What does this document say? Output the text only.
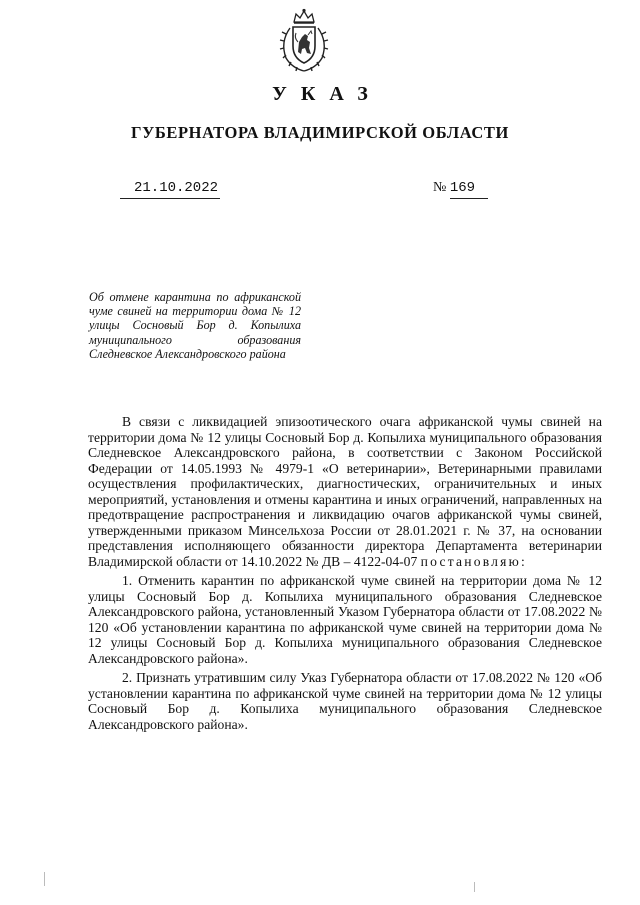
УКАЗ
ГУБЕРНАТОРА ВЛАДИМИРСКОЙ ОБЛАСТИ
21.10.2022	№ 169
Об отмене карантина по африканской чуме свиней на территории дома № 12 улицы Сосновый Бор д. Копылиха муниципального образования Следневское Александровского района

В связи с ликвидацией эпизоотического очага африканской чумы свиней на территории дома № 12 улицы Сосновый Бор д. Копылиха муниципального образования Следневское Александровского района, в соответствии с Законом Российской Федерации от 14.05.1993 № 4979-1 «О ветеринарии», Ветеринарными правилами осуществления профилактических, диагностических, ограничительных и иных мероприятий, установления и отмены карантина и иных ограничений, направленных на предотвращение распространения и ликвидацию очагов африканской чумы свиней, утвержденными приказом Минсельхоза России от 28.01.2021 г. № 37, на основании представления исполняющего обязанности директора Департамента ветеринарии Владимирской области от 14.10.2022 № ДВ – 4122-04-07 постановляю:

1. Отменить карантин по африканской чуме свиней на территории дома № 12 улицы Сосновый Бор д. Копылиха муниципального образования Следневское Александровского района, установленный Указом Губернатора области от 17.08.2022 № 120 «Об установлении карантина по африканской чуме свиней на территории дома № 12 улицы Сосновый Бор д. Копылиха муниципального образования Следневское Александровского района».

2. Признать утратившим силу Указ Губернатора области от 17.08.2022 № 120 «Об установлении карантина по африканской чуме свиней на территории дома № 12 улицы Сосновый Бор д. Копылиха муниципального образования Следневское Александровского района».
